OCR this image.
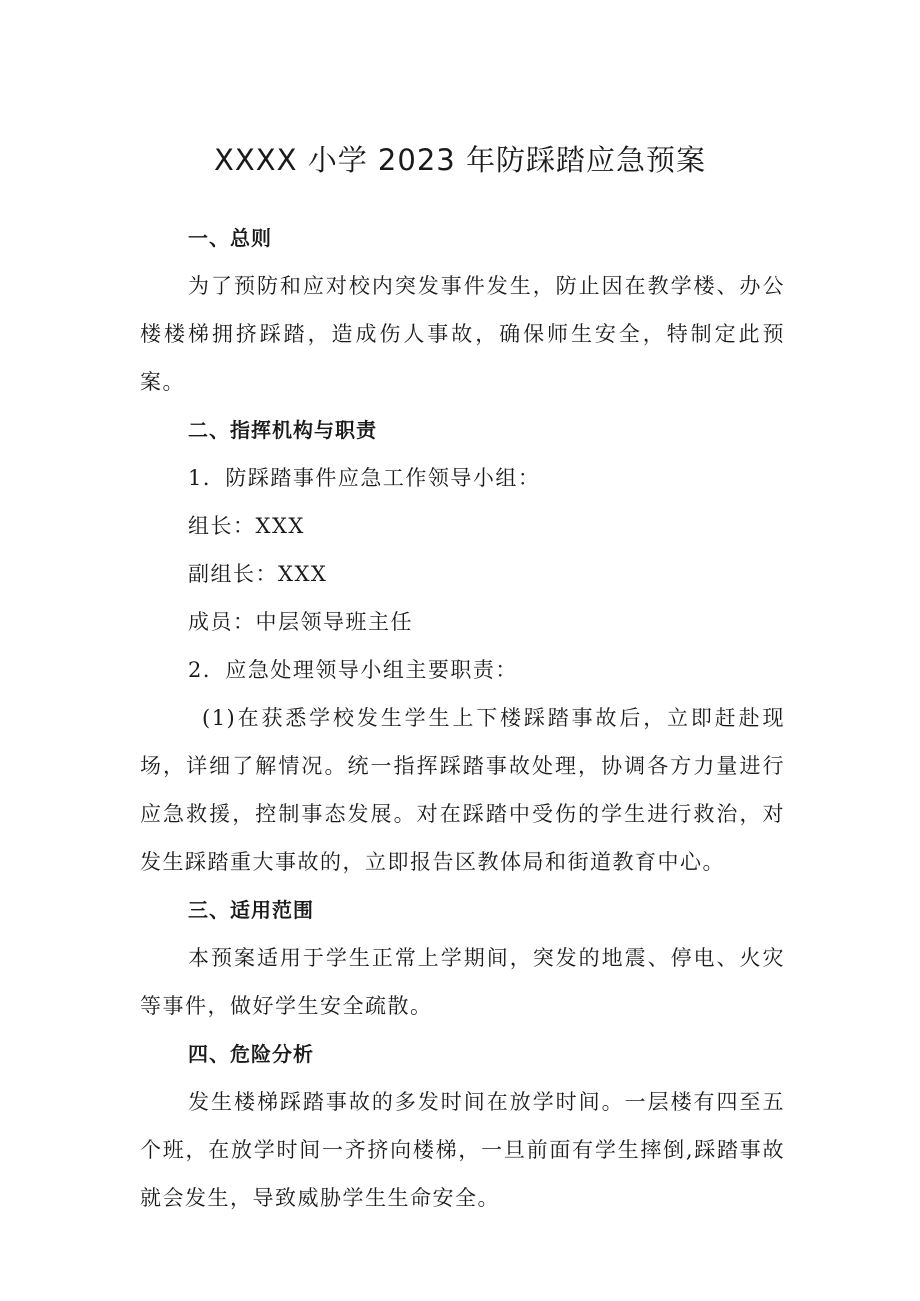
XXXX 小学 2023 年防踩踏应急预案

一、总则

为了预防和应对校内突发事件发生，防止因在教学楼、办公楼楼梯拥挤踩踏，造成伤人事故，确保师生安全，特制定此预案。

二、指挥机构与职责

1．防踩踏事件应急工作领导小组：

组长：XXX

副组长：XXX

成员：中层领导班主任

2．应急处理领导小组主要职责：

(1)在获悉学校发生学生上下楼踩踏事故后，立即赶赴现场，详细了解情况。统一指挥踩踏事故处理，协调各方力量进行应急救援，控制事态发展。对在踩踏中受伤的学生进行救治，对发生踩踏重大事故的，立即报告区教体局和街道教育中心。

三、适用范围

本预案适用于学生正常上学期间，突发的地震、停电、火灾等事件，做好学生安全疏散。

四、危险分析

发生楼梯踩踏事故的多发时间在放学时间。一层楼有四至五个班，在放学时间一齐挤向楼梯，一旦前面有学生摔倒,踩踏事故就会发生，导致威胁学生生命安全。
